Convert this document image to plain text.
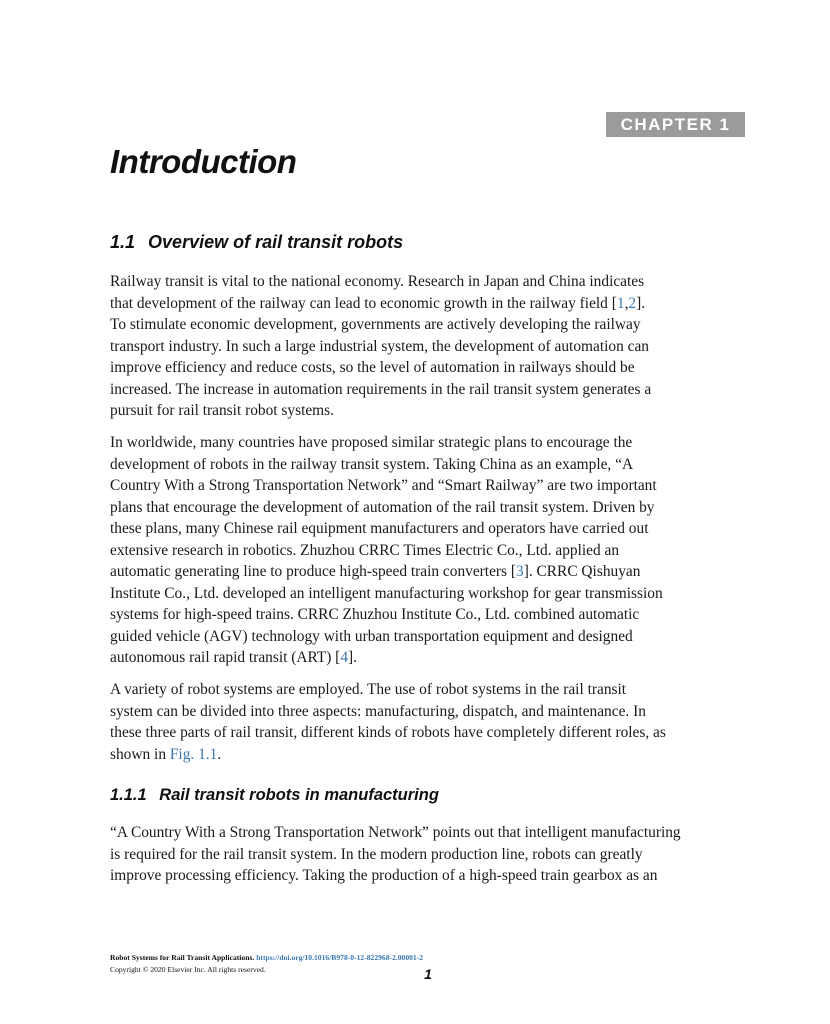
CHAPTER 1
Introduction
1.1 Overview of rail transit robots
Railway transit is vital to the national economy. Research in Japan and China indicates
that development of the railway can lead to economic growth in the railway field [1,2].
To stimulate economic development, governments are actively developing the railway
transport industry. In such a large industrial system, the development of automation can
improve efficiency and reduce costs, so the level of automation in railways should be
increased. The increase in automation requirements in the rail transit system generates a
pursuit for rail transit robot systems.
In worldwide, many countries have proposed similar strategic plans to encourage the
development of robots in the railway transit system. Taking China as an example, “A
Country With a Strong Transportation Network” and “Smart Railway” are two important
plans that encourage the development of automation of the rail transit system. Driven by
these plans, many Chinese rail equipment manufacturers and operators have carried out
extensive research in robotics. Zhuzhou CRRC Times Electric Co., Ltd. applied an
automatic generating line to produce high-speed train converters [3]. CRRC Qishuyan
Institute Co., Ltd. developed an intelligent manufacturing workshop for gear transmission
systems for high-speed trains. CRRC Zhuzhou Institute Co., Ltd. combined automatic
guided vehicle (AGV) technology with urban transportation equipment and designed
autonomous rail rapid transit (ART) [4].
A variety of robot systems are employed. The use of robot systems in the rail transit
system can be divided into three aspects: manufacturing, dispatch, and maintenance. In
these three parts of rail transit, different kinds of robots have completely different roles, as
shown in Fig. 1.1.
1.1.1 Rail transit robots in manufacturing
“A Country With a Strong Transportation Network” points out that intelligent manufacturing
is required for the rail transit system. In the modern production line, robots can greatly
improve processing efficiency. Taking the production of a high-speed train gearbox as an
Robot Systems for Rail Transit Applications. https://doi.org/10.1016/B978-0-12-822968-2.00001-2
Copyright © 2020 Elsevier Inc. All rights reserved.	1
